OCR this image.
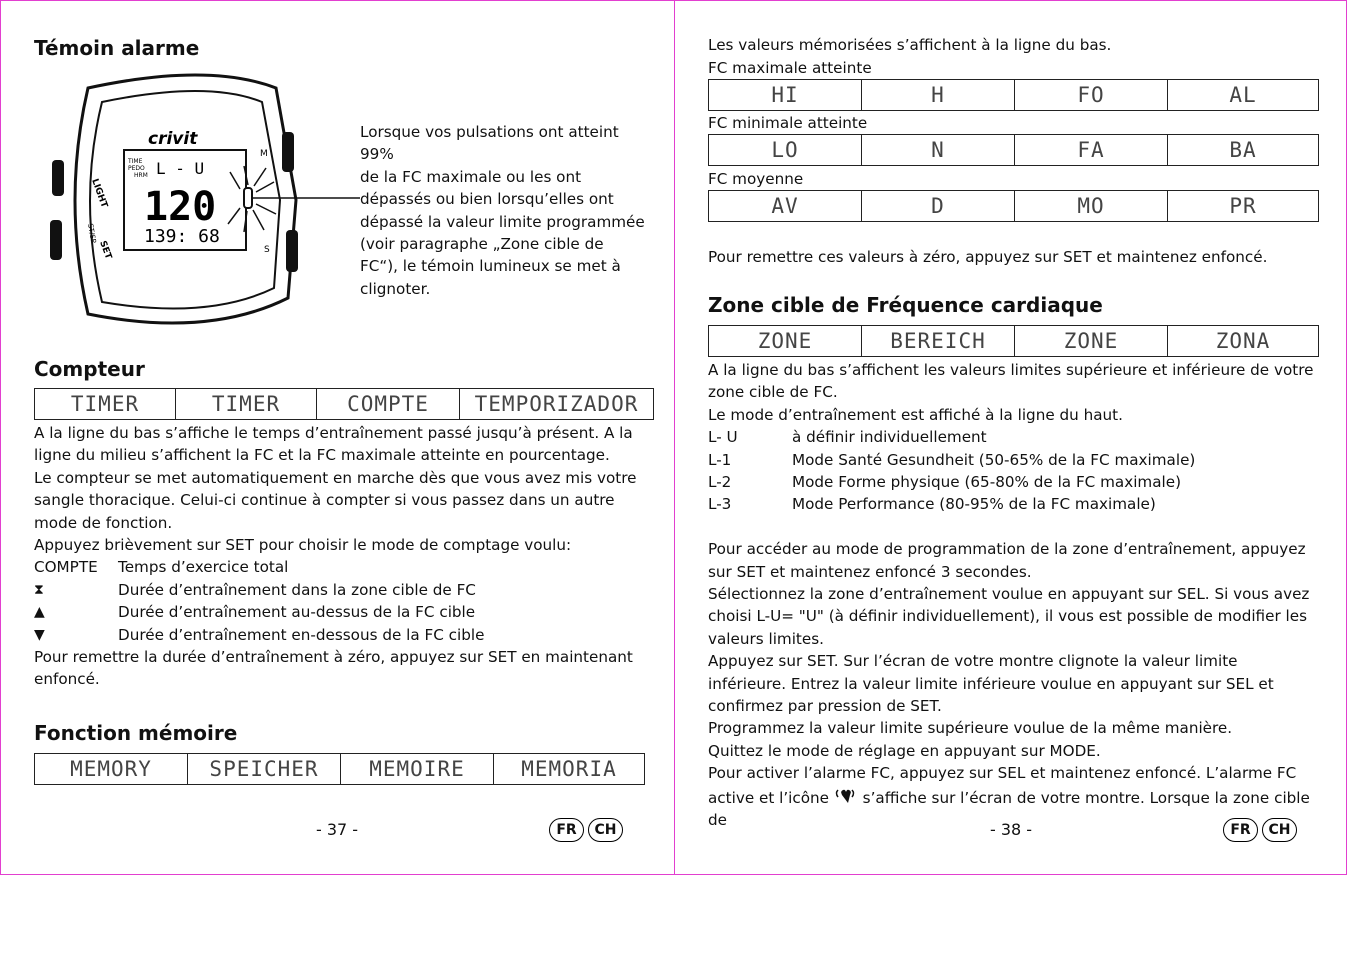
Témoin alarme
crivit
TIME
PEDO
HRM L - U
120
139: 68
LIGHT
ST/SP
SET
M
S
Lorsque vos pulsations ont atteint 99%
de la FC maximale ou les ont
dépassés ou bien lorsqu’elles ont
dépassé la valeur limite programmée
(voir paragraphe „Zone cible de
FC“), le témoin lumineux se met à
clignoter.
Compteur
TIMER	TIMER	COMPTE	TEMPORIZADOR
A la ligne du bas s’affiche le temps d’entraînement passé jusqu’à présent. A la ligne du milieu s’affichent la FC et la FC maximale atteinte en pourcentage.
Le compteur se met automatiquement en marche dès que vous avez mis votre sangle thoracique. Celui-ci continue à compter si vous passez dans un autre mode de fonction.
Appuyez brièvement sur SET pour choisir le mode de comptage voulu:
COMPTE	Temps d’exercice total
⧗	Durée d’entraînement dans la zone cible de FC
▲	Durée d’entraînement au-dessus de la FC cible
▼	Durée d’entraînement en-dessous de la FC cible
Pour remettre la durée d’entraînement à zéro, appuyez sur SET en maintenant enfoncé.
Fonction mémoire
MEMORY	SPEICHER	MEMOIRE	MEMORIA
- 37 -	FR	CH
Les valeurs mémorisées s’affichent à la ligne du bas.
FC maximale atteinte
HI	H	FO	AL
FC minimale atteinte
LO	N	FA	BA
FC moyenne
AV	D	MO	PR
Pour remettre ces valeurs à zéro, appuyez sur SET et maintenez enfoncé.
Zone cible de Fréquence cardiaque
ZONE	BEREICH	ZONE	ZONA
A la ligne du bas s’affichent les valeurs limites supérieure et inférieure de votre zone cible de FC.
Le mode d’entraînement est affiché à la ligne du haut.
L- U	à définir individuellement
L-1	Mode Santé Gesundheit (50-65% de la FC maximale)
L-2	Mode Forme physique (65-80% de la FC maximale)
L-3	Mode Performance (80-95% de la FC maximale)
Pour accéder au mode de programmation de la zone d’entraînement, appuyez sur SET et maintenez enfoncé 3 secondes.
Sélectionnez la zone d’entraînement voulue en appuyant sur SEL. Si vous avez choisi L-U= "U" (à définir individuellement), il vous est possible de modifier les valeurs limites.
Appuyez sur SET. Sur l’écran de votre montre clignote la valeur limite inférieure. Entrez la valeur limite inférieure voulue en appuyant sur SEL et confirmez par pression de SET.
Programmez la valeur limite supérieure voulue de la même manière.
Quittez le mode de réglage en appuyant sur MODE.
Pour activer l’alarme FC, appuyez sur SEL et maintenez enfoncé. L’alarme FC
active et l’icône s’affiche sur l’écran de votre montre. Lorsque la zone cible de	- 38 -	FR	CH
